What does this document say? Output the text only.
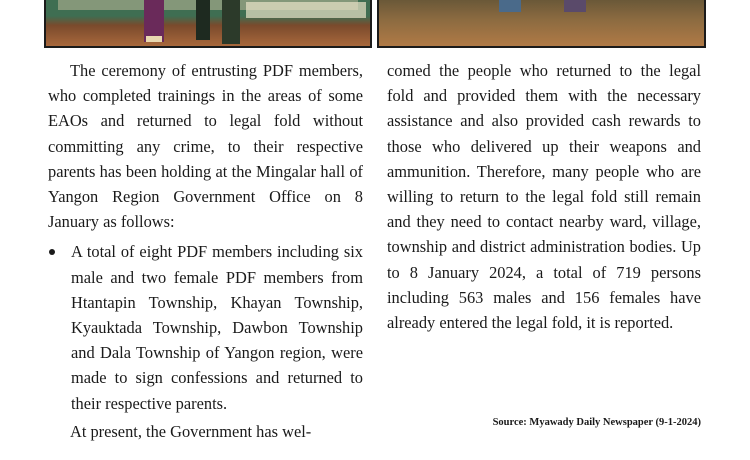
The ceremony of entrusting PDF members, who completed trainings in the areas of some EAOs and returned to legal fold without committing any crime, to their respective parents has been holding at the Mingalar hall of Yangon Region Government Office on 8 January as follows:

A total of eight PDF members including six male and two female PDF members from Htantapin Township, Khayan Township, Kyauktada Township, Dawbon Township and Dala Township of Yangon region, were made to sign confessions and returned to their respective parents.

At present, the Government has wel-

comed the people who returned to the legal fold and provided them with the necessary assistance and also provided cash rewards to those who delivered up their weapons and ammunition. Therefore, many people who are willing to return to the legal fold still remain and they need to contact nearby ward, village, township and district administration bodies. Up to 8 January 2024, a total of 719 persons including 563 males and 156 females have already entered the legal fold, it is reported.

Source: Myawady Daily Newspaper (9-1-2024)
